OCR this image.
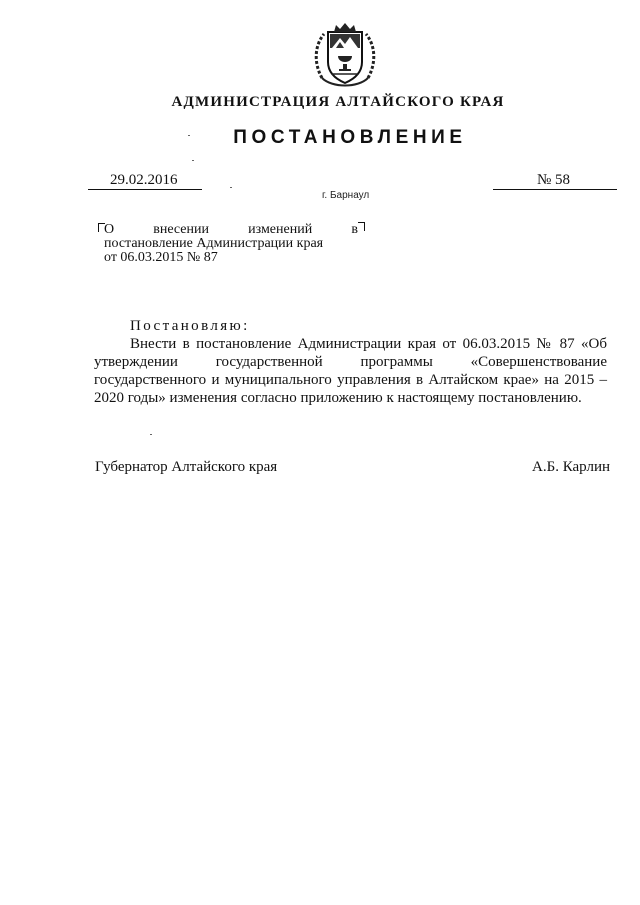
АДМИНИСТРАЦИЯ АЛТАЙСКОГО КРАЯ
ПОСТАНОВЛЕНИЕ
29.02.2016	№ 58
г. Барнаул
О	внесении	изменений	в
постановление Администрации края
от 06.03.2015 № 87
Постановляю:
Внести в постановление Администрации края от 06.03.2015 № 87 «Об утверждении государственной программы «Совершенствование государственного и муниципального управления в Алтайском крае» на 2015 – 2020 годы» изменения согласно приложению к настоящему постановлению.
Губернатор Алтайского края	А.Б. Карлин
